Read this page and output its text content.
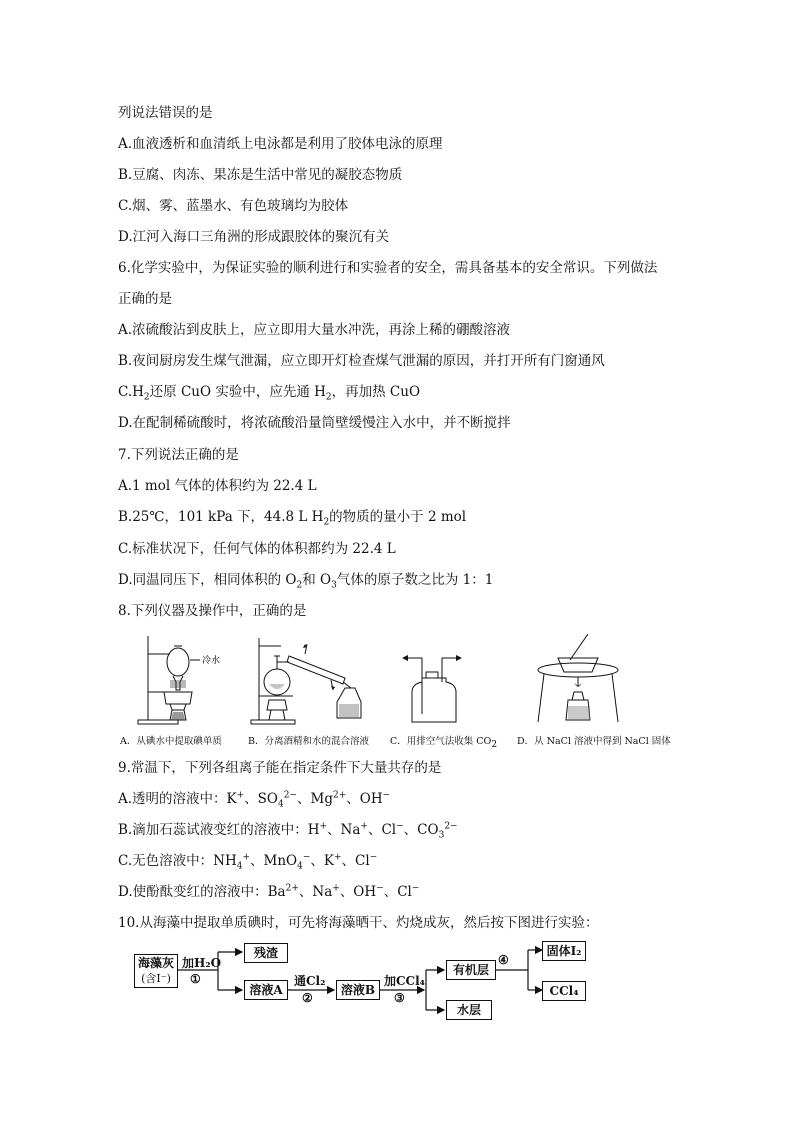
列说法错误的是
A.血液透析和血清纸上电泳都是利用了胶体电泳的原理
B.豆腐、肉冻、果冻是生活中常见的凝胶态物质
C.烟、雾、蓝墨水、有色玻璃均为胶体
D.江河入海口三角洲的形成跟胶体的聚沉有关
6.化学实验中，为保证实验的顺利进行和实验者的安全，需具备基本的安全常识。下列做法
正确的是
A.浓硫酸沾到皮肤上，应立即用大量水冲洗，再涂上稀的硼酸溶液
B.夜间厨房发生煤气泄漏，应立即开灯检查煤气泄漏的原因，并打开所有门窗通风
$C.H_2$还原 CuO 实验中，应先通 $H_2$，再加热 CuO
D.在配制稀硫酸时，将浓硫酸沿量筒壁缓慢注入水中，并不断搅拌
7.下列说法正确的是
A.1 mol 气体的体积约为 22.4 L
B.25℃，101 kPa 下，44.8 L $H_2$的物质的量小于 2 mol
C.标准状况下，任何气体的体积都约为 22.4 L
D.同温同压下，相同体积的 $O_2$和 $O_3$气体的原子数之比为 1：1
8.下列仪器及操作中，正确的是
冷水
A．从碘水中提取碘单质	B．分离酒精和水的混合溶液 C．用排空气法收集 $CO_2$ D．从 NaCl 溶液中得到 NaCl 固体
9.常温下，下列各组离子能在指定条件下大量共存的是
A.透明的溶液中：K+、$SO_4^{2-}$、$Mg^{2+}$、OH−
B.滴加石蕊试液变红的溶液中：H+、Na+、Cl−、$CO_3^{2-}$
C.无色溶液中：$NH_4^+$、MnO$_4$−、K+、Cl−
D.使酚酞变红的溶液中：$Ba^{2+}$、Na+、OH−、Cl−
10.从海藻中提取单质碘时，可先将海藻晒干、灼烧成灰，然后按下图进行实验：
海藻灰
(含I⁻)
加H₂O
①
残渣
溶液A
通Cl₂
②
溶液B
加CCl₄
③
有机层
水层
④
固体I₂
CCl₄
